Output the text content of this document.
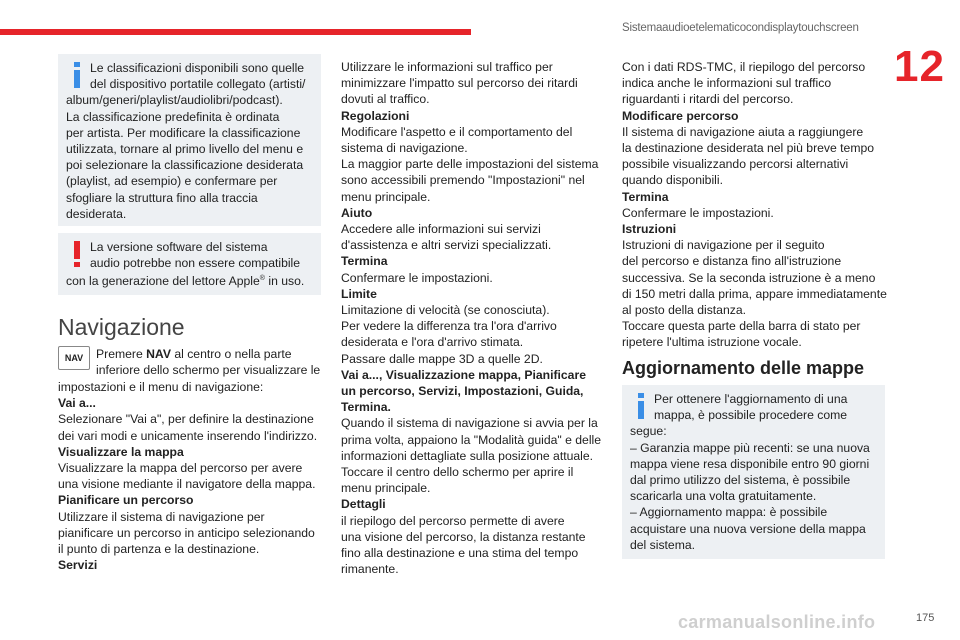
Sistemaaudioetelematicocondisplaytouchscreen
12

Le classificazioni disponibili sono quelle

del dispositivo portatile collegato (artisti/

album/generi/playlist/audiolibri/podcast).

La classificazione predefinita è ordinata

per artista. Per modificare la classificazione

utilizzata, tornare al primo livello del menu e

poi selezionare la classificazione desiderata

(playlist, ad esempio) e confermare per

sfogliare la struttura fino alla traccia

desiderata.

La versione software del sistema

audio potrebbe non essere compatibile

con la generazione del lettore Apple® in uso.

Navigazione
NAV	Premere NAV al centro o nella parte

inferiore dello schermo per visualizzare le

impostazioni e il menu di navigazione:

Vai a...

Selezionare "Vai a", per definire la destinazione

dei vari modi e unicamente inserendo l'indirizzo.

Visualizzare la mappa

Visualizzare la mappa del percorso per avere

una visione mediante il navigatore della mappa.

Pianificare un percorso

Utilizzare il sistema di navigazione per

pianificare un percorso in anticipo selezionando

il punto di partenza e la destinazione.

Servizi

Utilizzare le informazioni sul traffico per

minimizzare l'impatto sul percorso dei ritardi

dovuti al traffico.

Regolazioni

Modificare l'aspetto e il comportamento del

sistema di navigazione.

La maggior parte delle impostazioni del sistema

sono accessibili premendo "Impostazioni" nel

menu principale.

Aiuto

Accedere alle informazioni sui servizi

d'assistenza e altri servizi specializzati.

Termina

Confermare le impostazioni.

Limite

Limitazione di velocità (se conosciuta).

Per vedere la differenza tra l'ora d'arrivo

desiderata e l'ora d'arrivo stimata.

Passare dalle mappe 3D a quelle 2D.

Vai a..., Visualizzazione mappa, Pianificare

un percorso, Servizi, Impostazioni, Guida,

Termina.

Quando il sistema di navigazione si avvia per la

prima volta, appaiono la "Modalità guida" e delle

informazioni dettagliate sulla posizione attuale.

Toccare il centro dello schermo per aprire il

menu principale.

Dettagli

il riepilogo del percorso permette di avere

una visione del percorso, la distanza restante

fino alla destinazione e una stima del tempo

rimanente.

Con i dati RDS-TMC, il riepilogo del percorso

indica anche le informazioni sul traffico

riguardanti i ritardi del percorso.

Modificare percorso

Il sistema di navigazione aiuta a raggiungere

la destinazione desiderata nel più breve tempo

possibile visualizzando percorsi alternativi

quando disponibili.

Termina

Confermare le impostazioni.

Istruzioni

Istruzioni di navigazione per il seguito

del percorso e distanza fino all'istruzione

successiva. Se la seconda istruzione è a meno

di 150 metri dalla prima, appare immediatamente

al posto della distanza.

Toccare questa parte della barra di stato per

ripetere l'ultima istruzione vocale.

Aggiornamento delle mappe

Per ottenere l'aggiornamento di una

mappa, è possibile procedere come

segue:

– Garanzia mappe più recenti: se una nuova

mappa viene resa disponibile entro 90 giorni

dal primo utilizzo del sistema, è possibile

scaricarla una volta gratuitamente.

– Aggiornamento mappa: è possibile

acquistare una nuova versione della mappa

del sistema.

carmanualsonline.info	175
